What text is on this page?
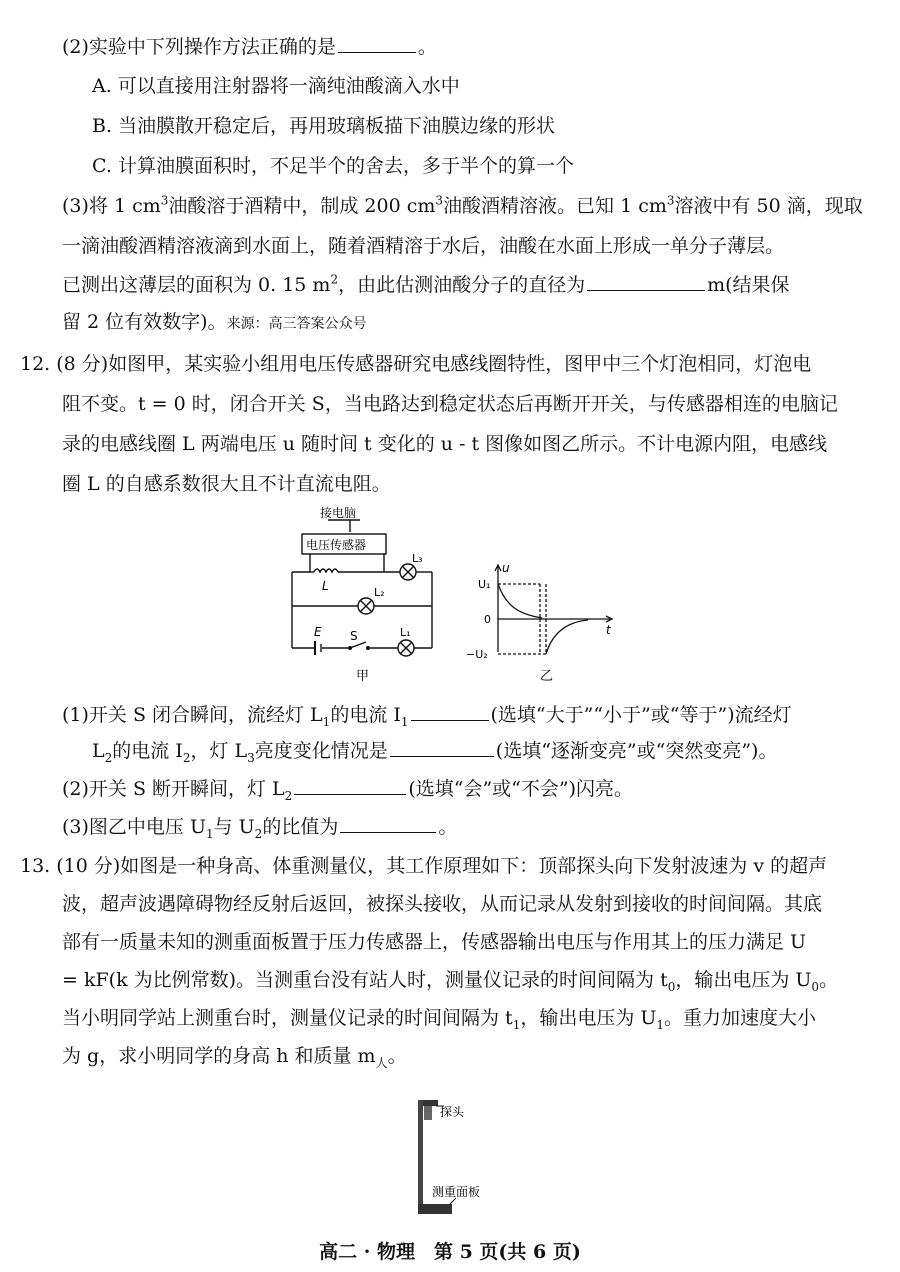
(2)实验中下列操作方法正确的是	。
A. 可以直接用注射器将一滴纯油酸滴入水中
B. 当油膜散开稳定后，再用玻璃板描下油膜边缘的形状
C. 计算油膜面积时，不足半个的舍去，多于半个的算一个
(3)将 1 $cm^3$油酸溶于酒精中，制成 200 $cm^3$油酸酒精溶液。已知 1 $cm^3$溶液中有 50 滴，现取
一滴油酸酒精溶液滴到水面上，随着酒精溶于水后，油酸在水面上形成一单分子薄层。
已测出这薄层的面积为 0. 15 $m^2$，由此估测油酸分子的直径为	m(结果保
留 2 位有效数字)。来源：高三答案公众号
12. (8 分)如图甲，某实验小组用电压传感器研究电感线圈特性，图甲中三个灯泡相同，灯泡电
阻不变。t = 0 时，闭合开关 S，当电路达到稳定状态后再断开开关，与传感器相连的电脑记
录的电感线圈 L 两端电压 u 随时间 t 变化的 u - t 图像如图乙所示。不计电源内阻，电感线
圈 L 的自感系数很大且不计直流电阻。
接电脑
电压传感器
L
L₃
L₂
L₁
E S
甲
u
t
U₁
0
−U₂
乙
(1)开关 S 闭合瞬间，流经灯 $L_1$的电流 $I_1$	(选填“大于”“小于”或“等于”)流经灯
$L_2$的电流 $I_2$，灯 $L_3$亮度变化情况是	(选填“逐渐变亮”或“突然变亮”)。
(2)开关 S 断开瞬间，灯 $L_2$	(选填“会”或“不会”)闪亮。
(3)图乙中电压 $U_1$与 $U_2$的比值为	。
13. (10 分)如图是一种身高、体重测量仪，其工作原理如下：顶部探头向下发射波速为 v 的超声
波，超声波遇障碍物经反射后返回，被探头接收，从而记录从发射到接收的时间间隔。其底
部有一质量未知的测重面板置于压力传感器上，传感器输出电压与作用其上的压力满足 U
= kF(k 为比例常数)。当测重台没有站人时，测量仪记录的时间间隔为 $t_0$，输出电压为 $U_0$。
当小明同学站上测重台时，测量仪记录的时间间隔为 $t_1$，输出电压为 $U_1$。重力加速度大小
为 g，求小明同学的身高 h 和质量 $m_人$。
探头
测重面板
高二 · 物理　第 5 页(共 6 页)
